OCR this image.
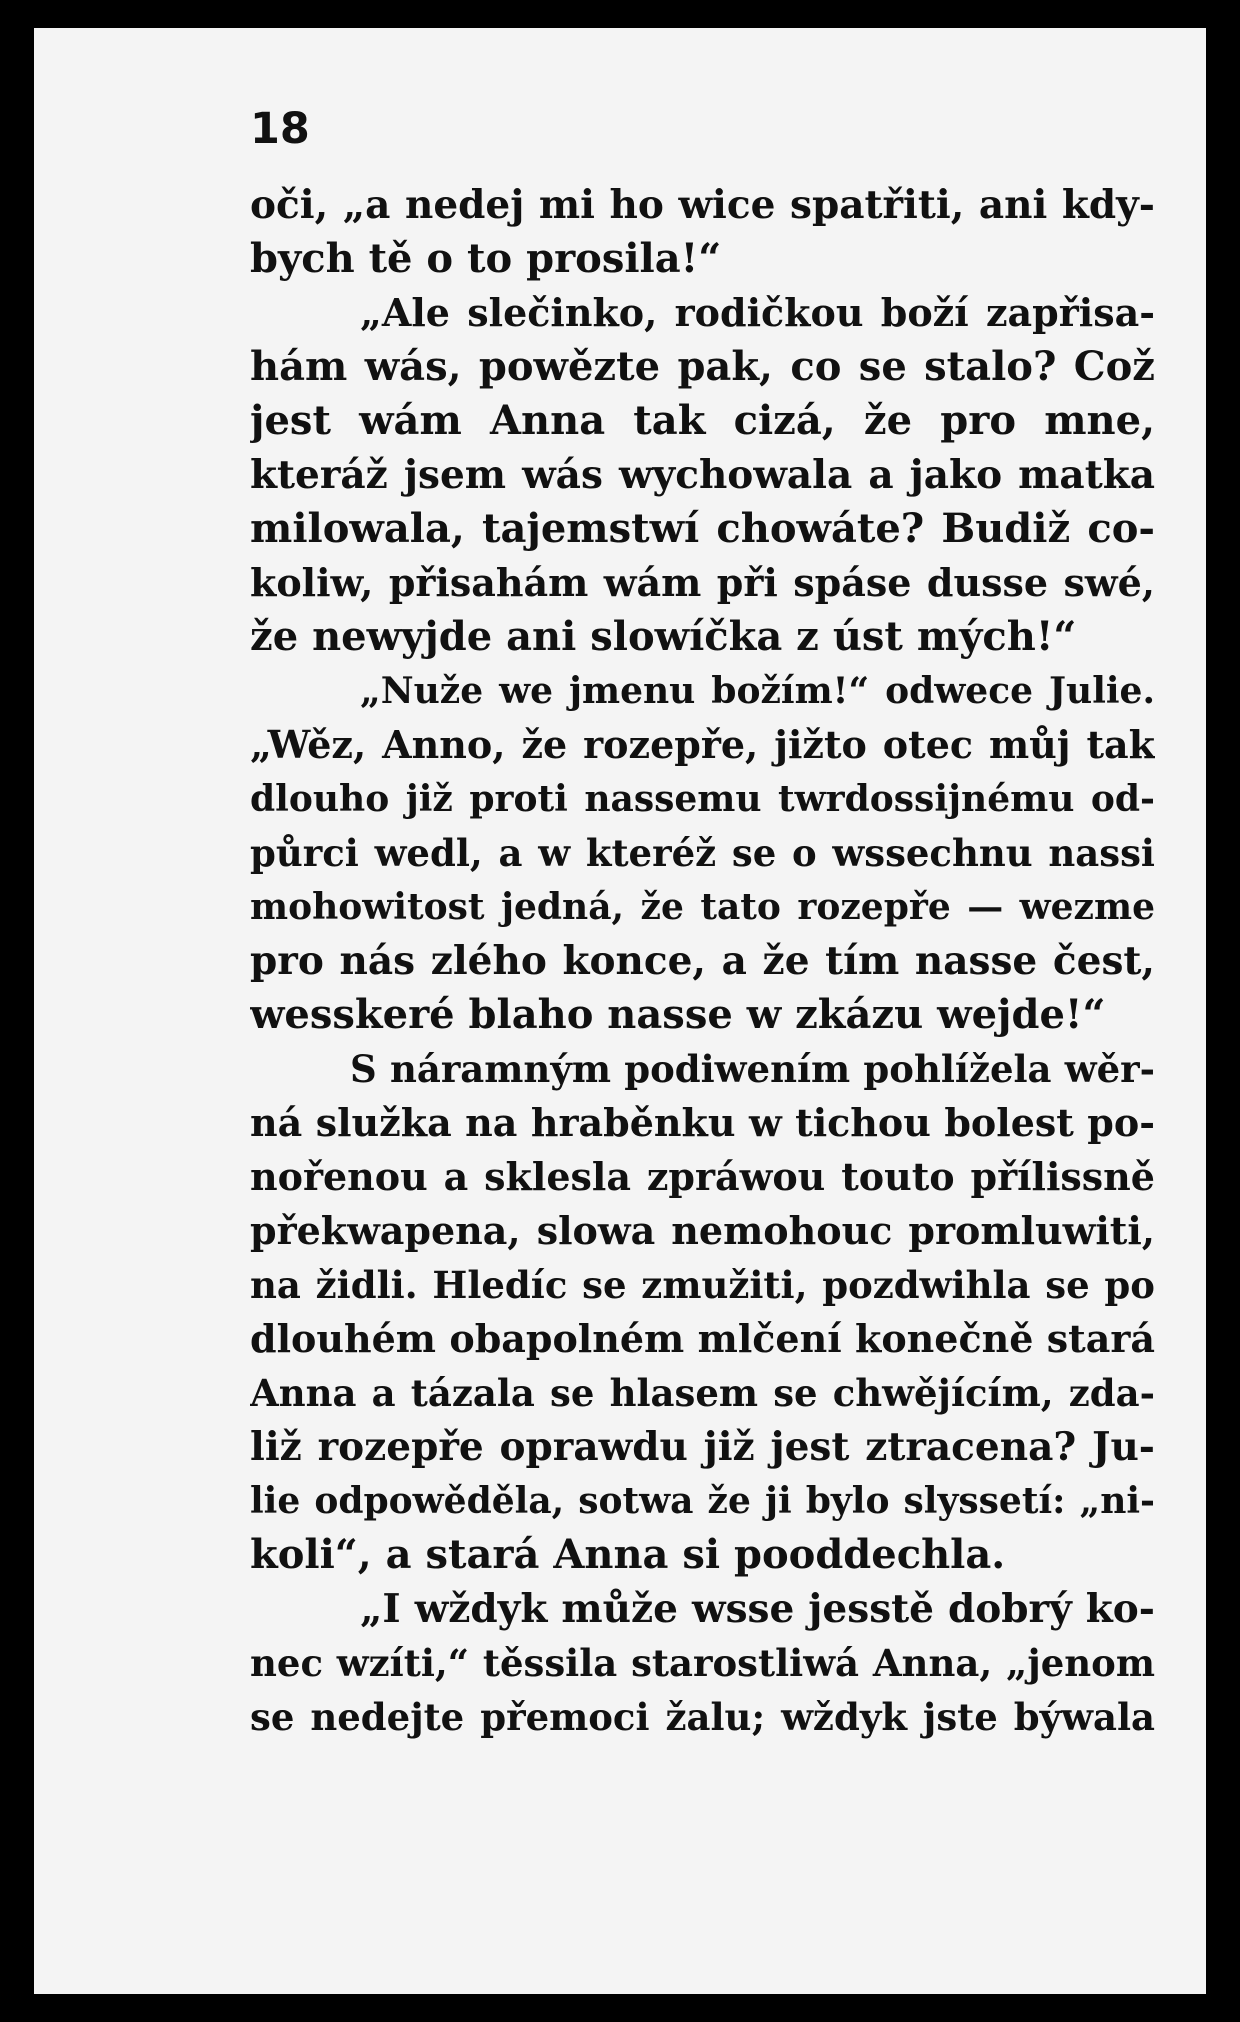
18
oči, „a nedej mi ho wice spatřiti, ani kdy-
bych tě o to prosila!“
„Ale slečinko, rodičkou boží zapřisa-
hám wás, powězte pak, co se stalo? Což
jest wám Anna tak cizá, že pro mne,
kteráž jsem wás wychowala a jako matka
milowala, tajemstwí chowáte? Budiž co-
koliw, přisahám wám při spáse dusse swé,
že newyjde ani slowíčka z úst mých!“
„Nuže we jmenu božím!“ odwece Julie.
„Wěz, Anno, že rozepře, jižto otec můj tak
dlouho již proti nassemu twrdossijnému od-
půrci wedl, a w kteréž se o wssechnu nassi
mohowitost jedná, že tato rozepře — wezme
pro nás zlého konce, a že tím nasse čest,
wesskeré blaho nasse w zkázu wejde!“
S náramným podiwením pohlížela wěr-
ná služka na hraběnku w tichou bolest po-
nořenou a sklesla zpráwou touto přílissně
překwapena, slowa nemohouc promluwiti,
na židli. Hledíc se zmužiti, pozdwihla se po
dlouhém obapolném mlčení konečně stará
Anna a tázala se hlasem se chwějícím, zda-
liž rozepře oprawdu již jest ztracena? Ju-
lie odpowěděla, sotwa že ji bylo slyssetí: „ni-
koli“, a stará Anna si pooddechla.
„I wždyk může wsse jesstě dobrý ko-
nec wzíti,“ těssila starostliwá Anna, „jenom
se nedejte přemoci žalu; wždyk jste býwala
